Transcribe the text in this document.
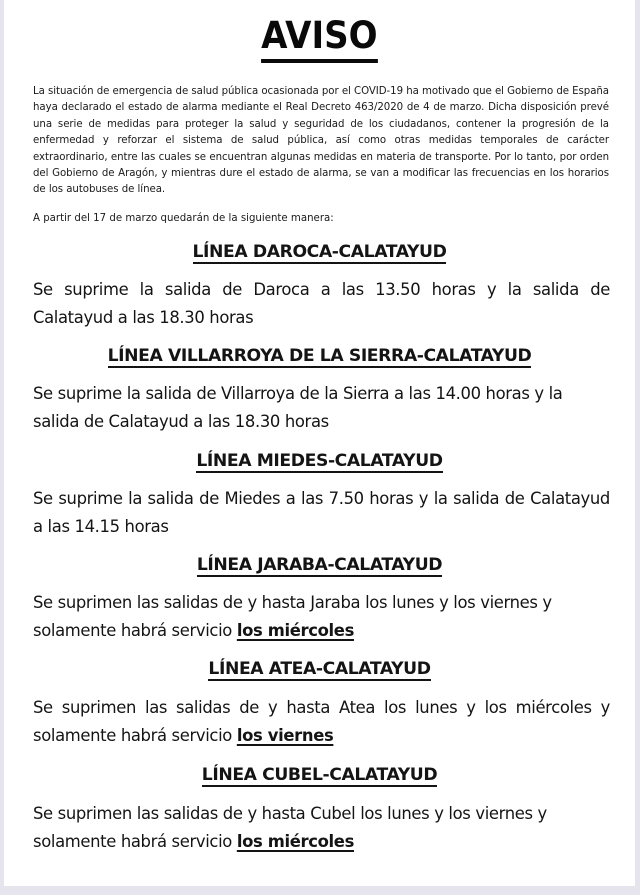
AVISO
La situación de emergencia de salud pública ocasionada por el COVID-19 ha motivado que el Gobierno de España haya declarado el estado de alarma mediante el Real Decreto 463/2020 de 4 de marzo. Dicha disposición prevé una serie de medidas para proteger la salud y seguridad de los ciudadanos, contener la progresión de la enfermedad y reforzar el sistema de salud pública, así como otras medidas temporales de carácter extraordinario, entre las cuales se encuentran algunas medidas en materia de transporte. Por lo tanto, por orden del Gobierno de Aragón, y mientras dure el estado de alarma, se van a modificar las frecuencias en los horarios de los autobuses de línea.
A partir del 17 de marzo quedarán de la siguiente manera:
LÍNEA DAROCA-CALATAYUD
Se suprime la salida de Daroca a las 13.50 horas y la salida de Calatayud a las 18.30 horas
LÍNEA VILLARROYA DE LA SIERRA-CALATAYUD
Se suprime la salida de Villarroya de la Sierra a las 14.00 horas y la salida de Calatayud a las 18.30 horas
LÍNEA MIEDES-CALATAYUD
Se suprime la salida de Miedes a las 7.50 horas y la salida de Calatayud a las 14.15 horas
LÍNEA JARABA-CALATAYUD
Se suprimen las salidas de y hasta Jaraba los lunes y los viernes y solamente habrá servicio los miércoles
LÍNEA ATEA-CALATAYUD
Se suprimen las salidas de y hasta Atea los lunes y los miércoles y solamente habrá servicio los viernes
LÍNEA CUBEL-CALATAYUD
Se suprimen las salidas de y hasta Cubel los lunes y los viernes y solamente habrá servicio los miércoles
